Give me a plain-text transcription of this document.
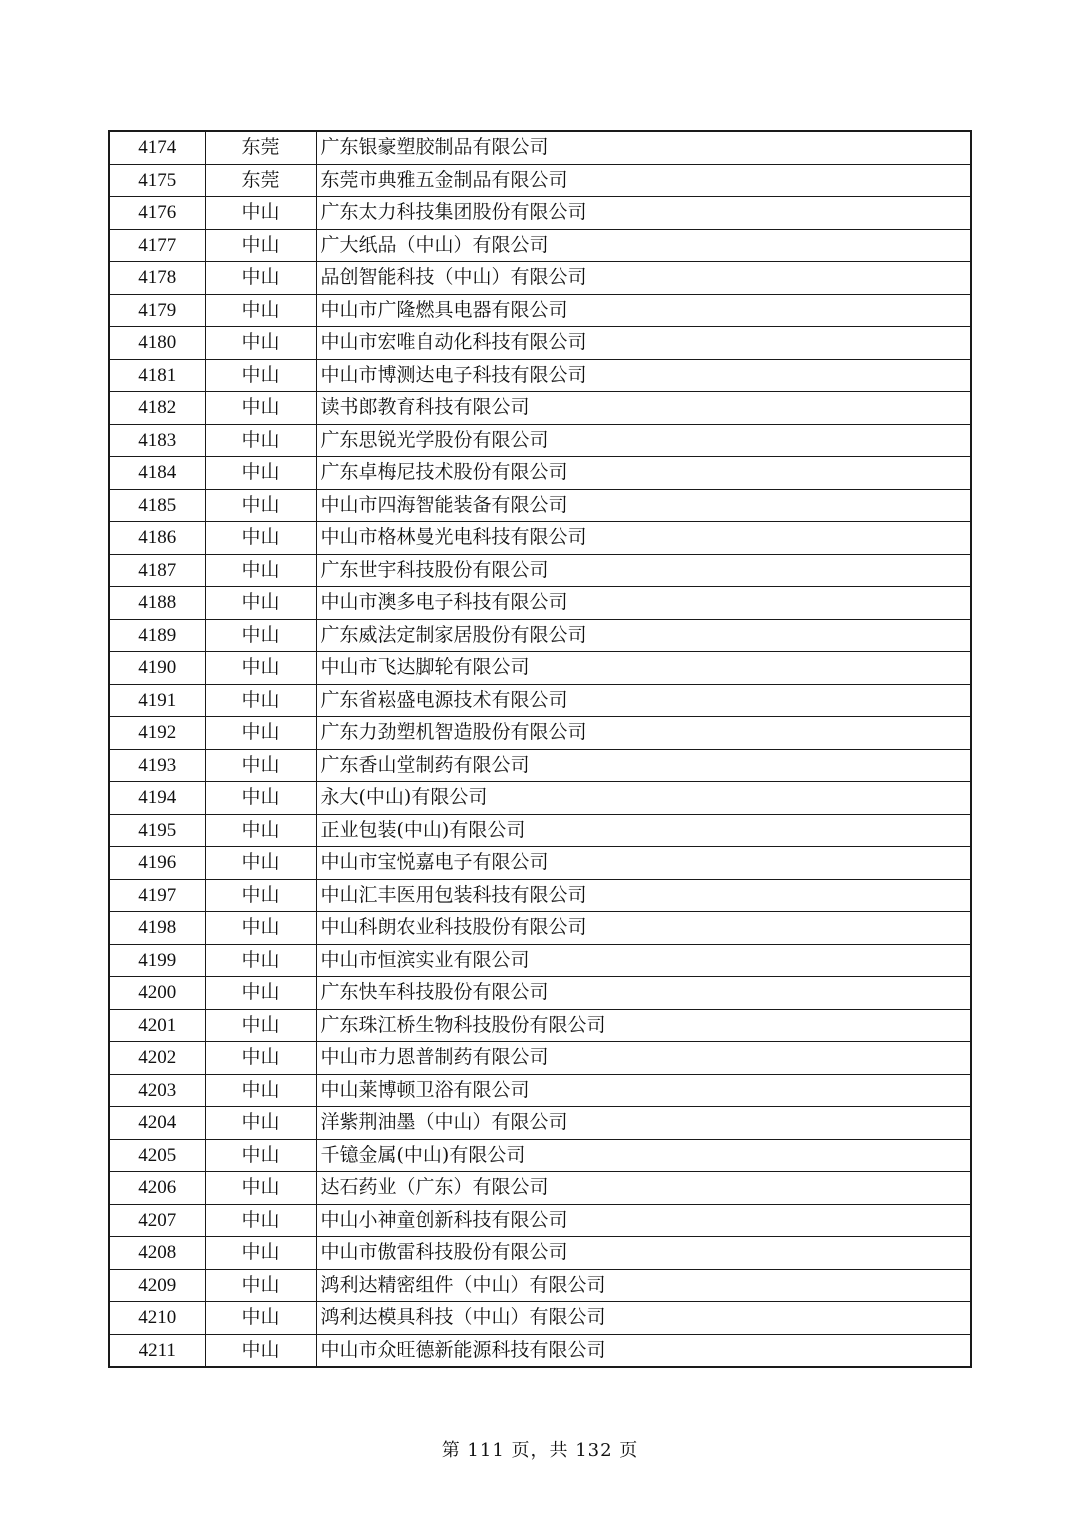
4174	东莞	广东银豪塑胶制品有限公司
4175	东莞	东莞市典雅五金制品有限公司
4176	中山	广东太力科技集团股份有限公司
4177	中山	广大纸品（中山）有限公司
4178	中山	品创智能科技（中山）有限公司
4179	中山	中山市广隆燃具电器有限公司
4180	中山	中山市宏唯自动化科技有限公司
4181	中山	中山市博测达电子科技有限公司
4182	中山	读书郎教育科技有限公司
4183	中山	广东思锐光学股份有限公司
4184	中山	广东卓梅尼技术股份有限公司
4185	中山	中山市四海智能装备有限公司
4186	中山	中山市格林曼光电科技有限公司
4187	中山	广东世宇科技股份有限公司
4188	中山	中山市澳多电子科技有限公司
4189	中山	广东威法定制家居股份有限公司
4190	中山	中山市飞达脚轮有限公司
4191	中山	广东省崧盛电源技术有限公司
4192	中山	广东力劲塑机智造股份有限公司
4193	中山	广东香山堂制药有限公司
4194	中山	永大(中山)有限公司
4195	中山	正业包装(中山)有限公司
4196	中山	中山市宝悦嘉电子有限公司
4197	中山	中山汇丰医用包装科技有限公司
4198	中山	中山科朗农业科技股份有限公司
4199	中山	中山市恒滨实业有限公司
4200	中山	广东快车科技股份有限公司
4201	中山	广东珠江桥生物科技股份有限公司
4202	中山	中山市力恩普制药有限公司
4203	中山	中山莱博顿卫浴有限公司
4204	中山	洋紫荆油墨（中山）有限公司
4205	中山	千镱金属(中山)有限公司
4206	中山	达石药业（广东）有限公司
4207	中山	中山小神童创新科技有限公司
4208	中山	中山市傲雷科技股份有限公司
4209	中山	鸿利达精密组件（中山）有限公司
4210	中山	鸿利达模具科技（中山）有限公司
4211	中山	中山市众旺德新能源科技有限公司
第 111 页，共 132 页
